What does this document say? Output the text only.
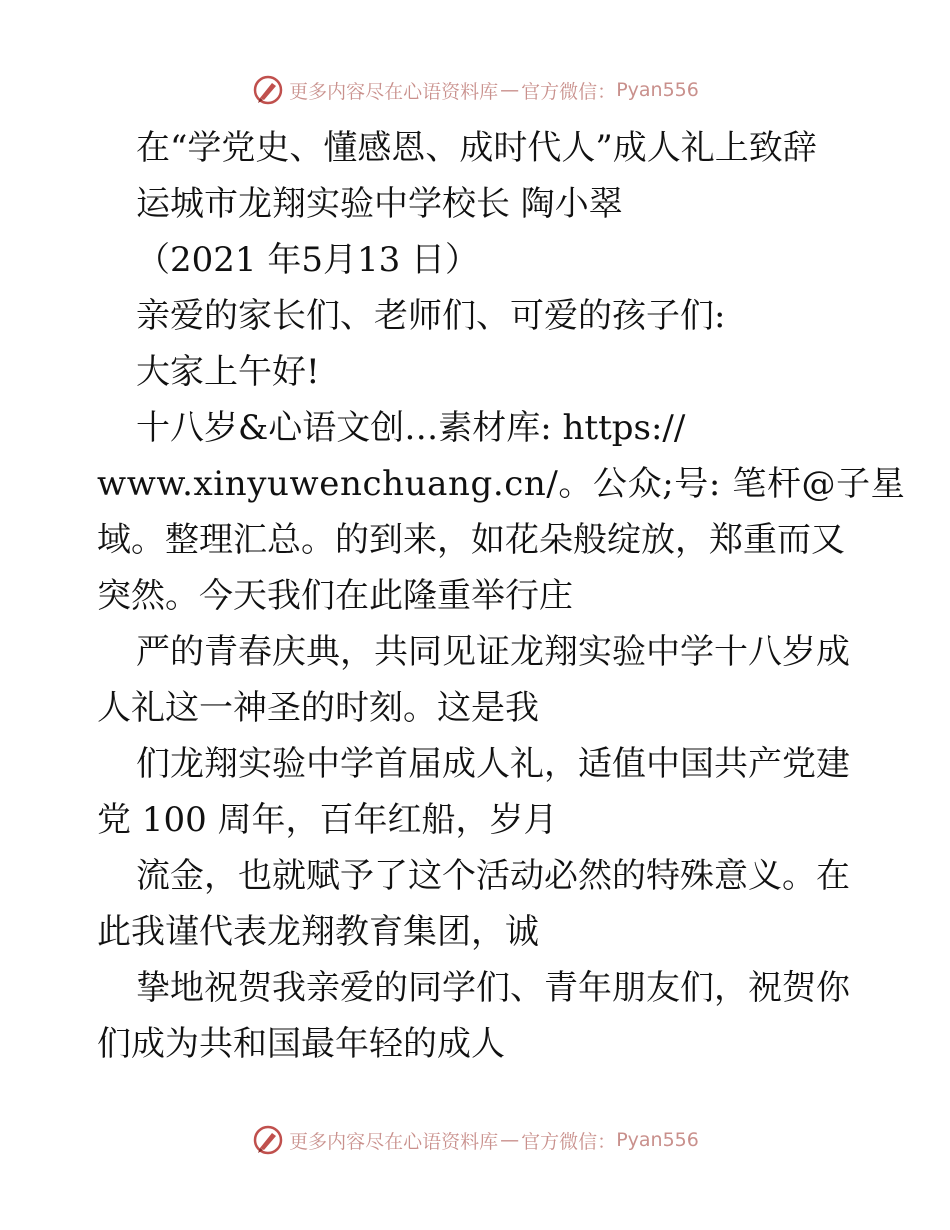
更多内容尽在心语资料库 — 官方微信： Pyan556
在“学党史、懂感恩、成时代人”成人礼上致辞
运城市龙翔实验中学校长 陶小翠
（2021 年5月13 日）
亲爱的家长们、老师们、可爱的孩子们:
大家上午好!
十八岁&心语文创…素材库: https://
www.xinyuwenchuang.cn/。公众;号: 笔杆@子星
域。整理汇总。的到来，如花朵般绽放，郑重而又
突然。今天我们在此隆重举行庄
严的青春庆典，共同见证龙翔实验中学十八岁成
人礼这一神圣的时刻。这是我
们龙翔实验中学首届成人礼，适值中国共产党建
党 100 周年，百年红船，岁月
流金，也就赋予了这个活动必然的特殊意义。在
此我谨代表龙翔教育集团，诚
挚地祝贺我亲爱的同学们、青年朋友们，祝贺你
们成为共和国最年轻的成人
更多内容尽在心语资料库 — 官方微信： Pyan556
